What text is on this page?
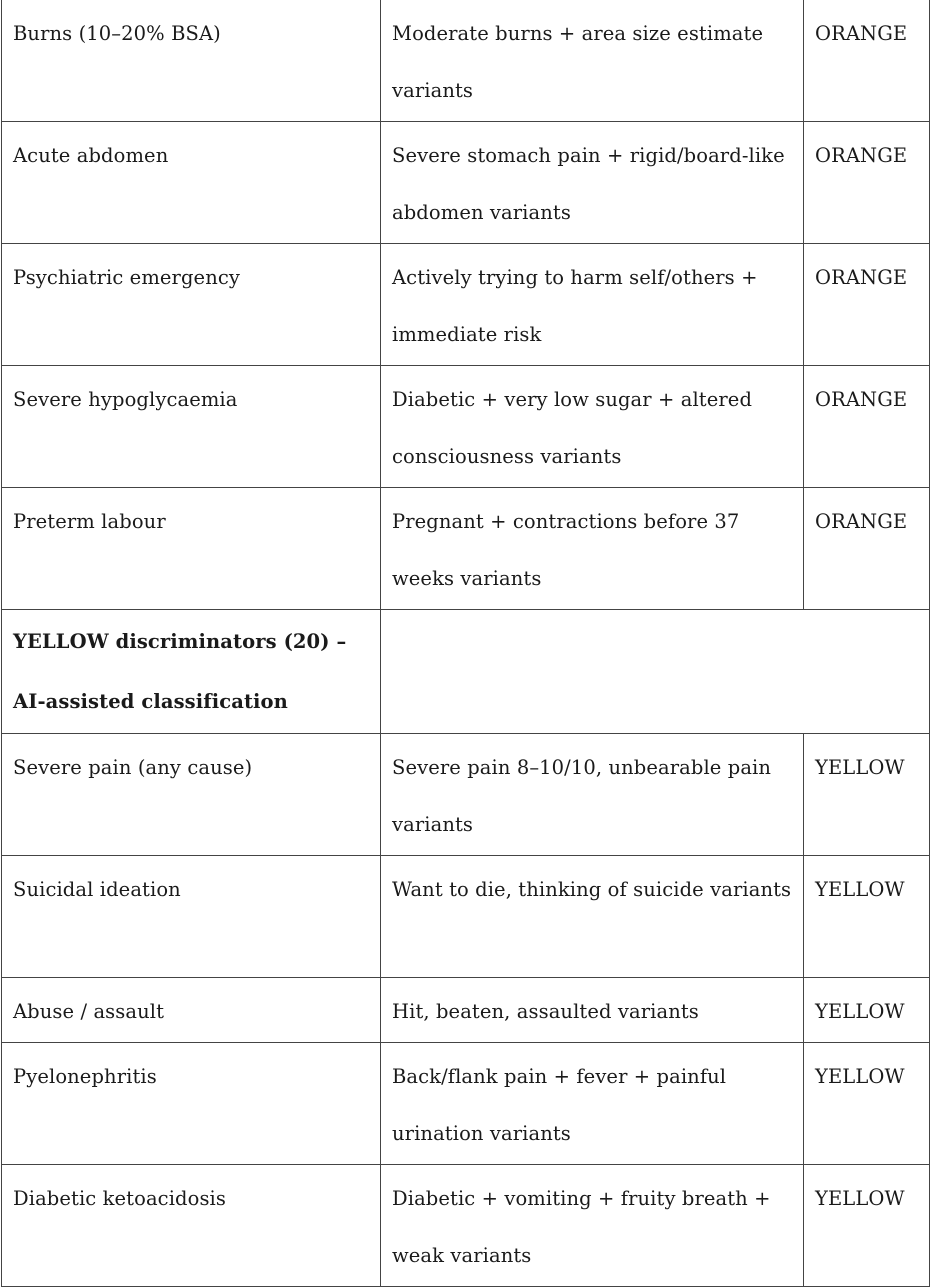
Burns (10–20% BSA)	Moderate burns + area size estimate variants	ORANGE
Acute abdomen	Severe stomach pain + rigid/board-like abdomen variants	ORANGE
Psychiatric emergency	Actively trying to harm self/others + immediate risk	ORANGE
Severe hypoglycaemia	Diabetic + very low sugar + altered consciousness variants	ORANGE
Preterm labour	Pregnant + contractions before 37 weeks variants	ORANGE
YELLOW discriminators (20) – AI-assisted classification		
Severe pain (any cause)	Severe pain 8–10/10, unbearable pain variants	YELLOW
Suicidal ideation	Want to die, thinking of suicide variants	YELLOW
Abuse / assault	Hit, beaten, assaulted variants	YELLOW
Pyelonephritis	Back/flank pain + fever + painful urination variants	YELLOW
Diabetic ketoacidosis	Diabetic + vomiting + fruity breath + weak variants	YELLOW
